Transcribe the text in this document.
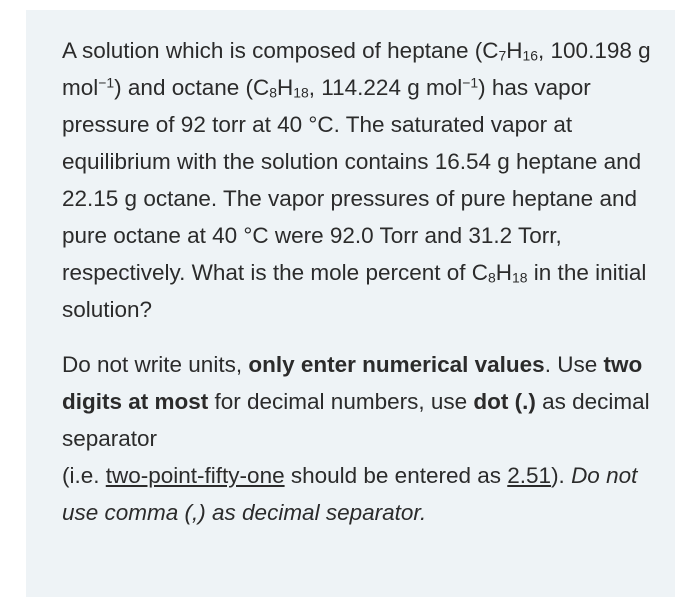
A solution which is composed of heptane ($C_7H_{16}$, 100.198 g mol$^{-1}$) and octane ($C_8H_{18}$, 114.224 g mol$^{-1}$) has vapor pressure of 92 torr at 40 °C. The saturated vapor at equilibrium with the solution contains 16.54 g heptane and 22.15 g octane. The vapor pressures of pure heptane and pure octane at 40 °C were 92.0 Torr and 31.2 Torr, respectively. What is the mole percent of $C_8H_{18}$ in the initial solution?

Do not write units, only enter numerical values. Use two digits at most for decimal numbers, use dot (.) as decimal separator
(i.e. two-point-fifty-one should be entered as 2.51). Do not use comma (,) as decimal separator.
